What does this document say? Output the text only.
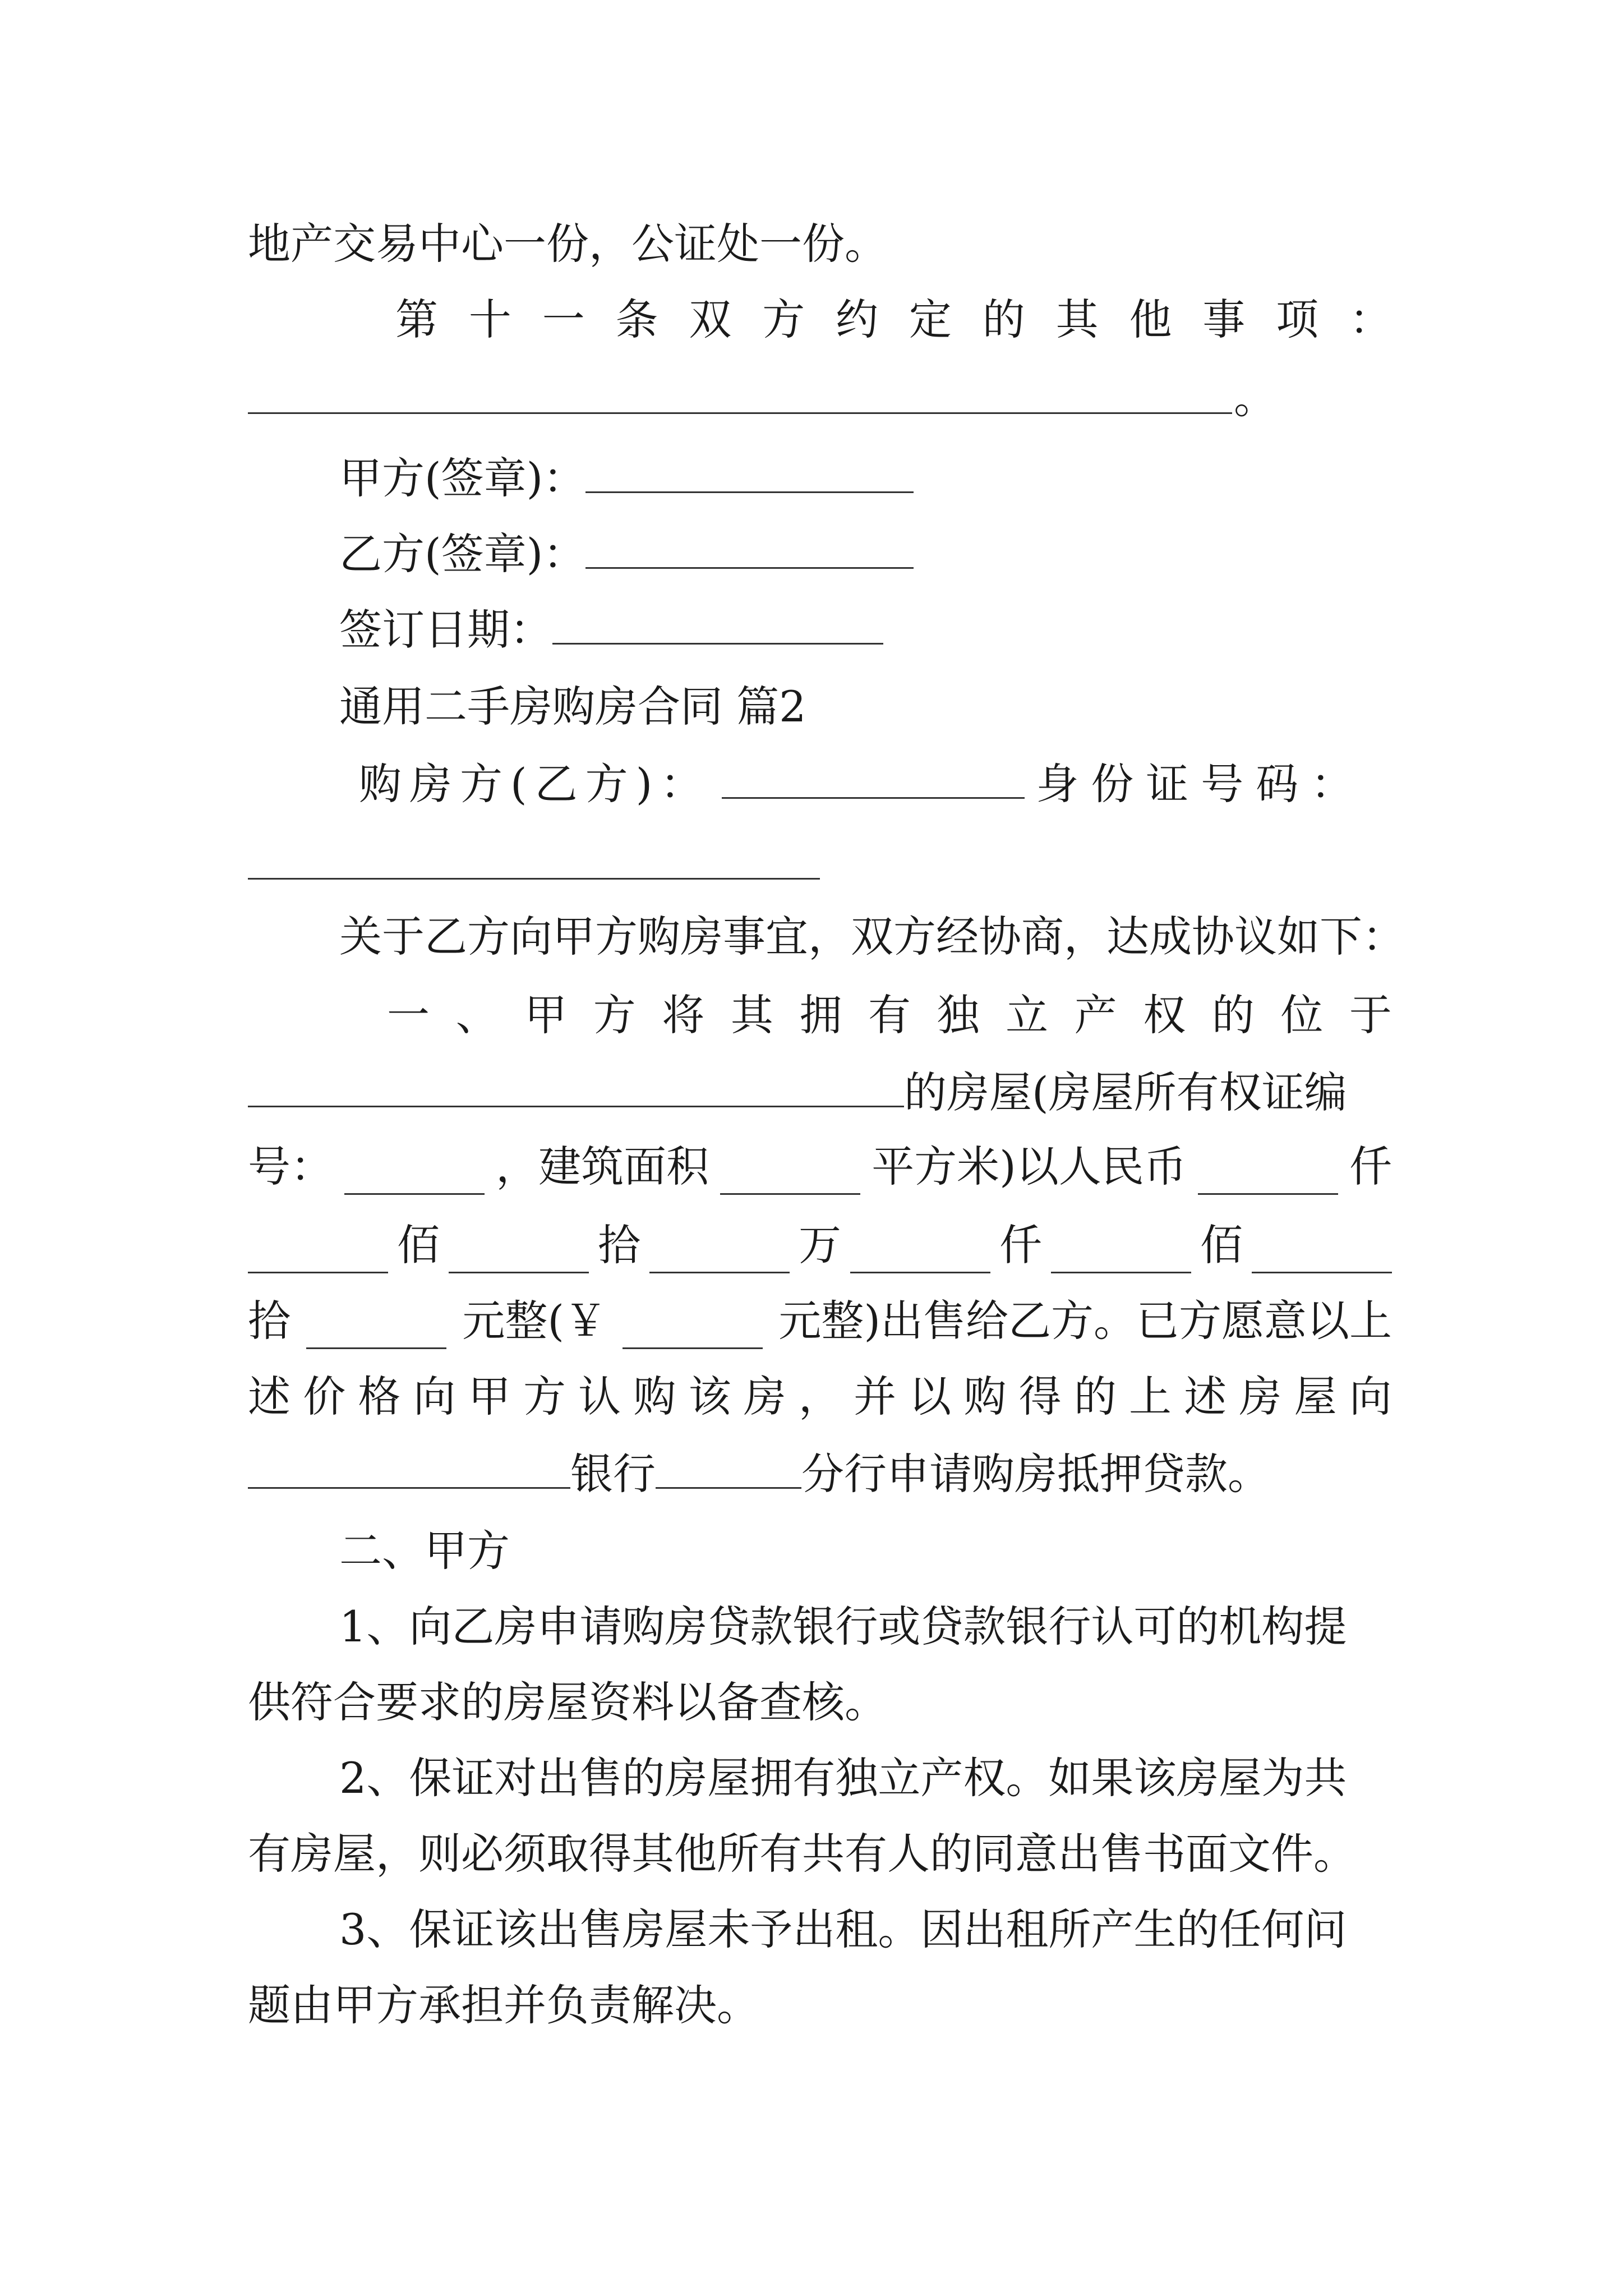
地产交易中心一份，公证处一份。
第 十 一 条 双 方 约 定 的 其 他 事 项 ：
。
甲方(签章)：
乙方(签章)：
签订日期：
通用二手房购房合同 篇2
购房方(乙方)：	身份证号码：
关于乙方向甲方购房事宜，双方经协商，达成协议如下：
一 、 甲 方 将 其 拥 有 独 立 产 权 的 位 于
的房屋(房屋所有权证编
号：	，建筑面积	平方米)以人民币	仟
佰	拾	万	仟	佰
拾	元整(￥	元整)出售给乙方。已方愿意以上
述 价 格 向 甲 方 认 购 该 房 ， 并 以 购 得 的 上 述 房 屋 向
银行	分行申请购房抵押贷款。
二、甲方
1、向乙房申请购房贷款银行或贷款银行认可的机构提
供符合要求的房屋资料以备查核。
2、保证对出售的房屋拥有独立产权。如果该房屋为共
有房屋，则必须取得其他所有共有人的同意出售书面文件。
3、保证该出售房屋未予出租。因出租所产生的任何问
题由甲方承担并负责解决。
